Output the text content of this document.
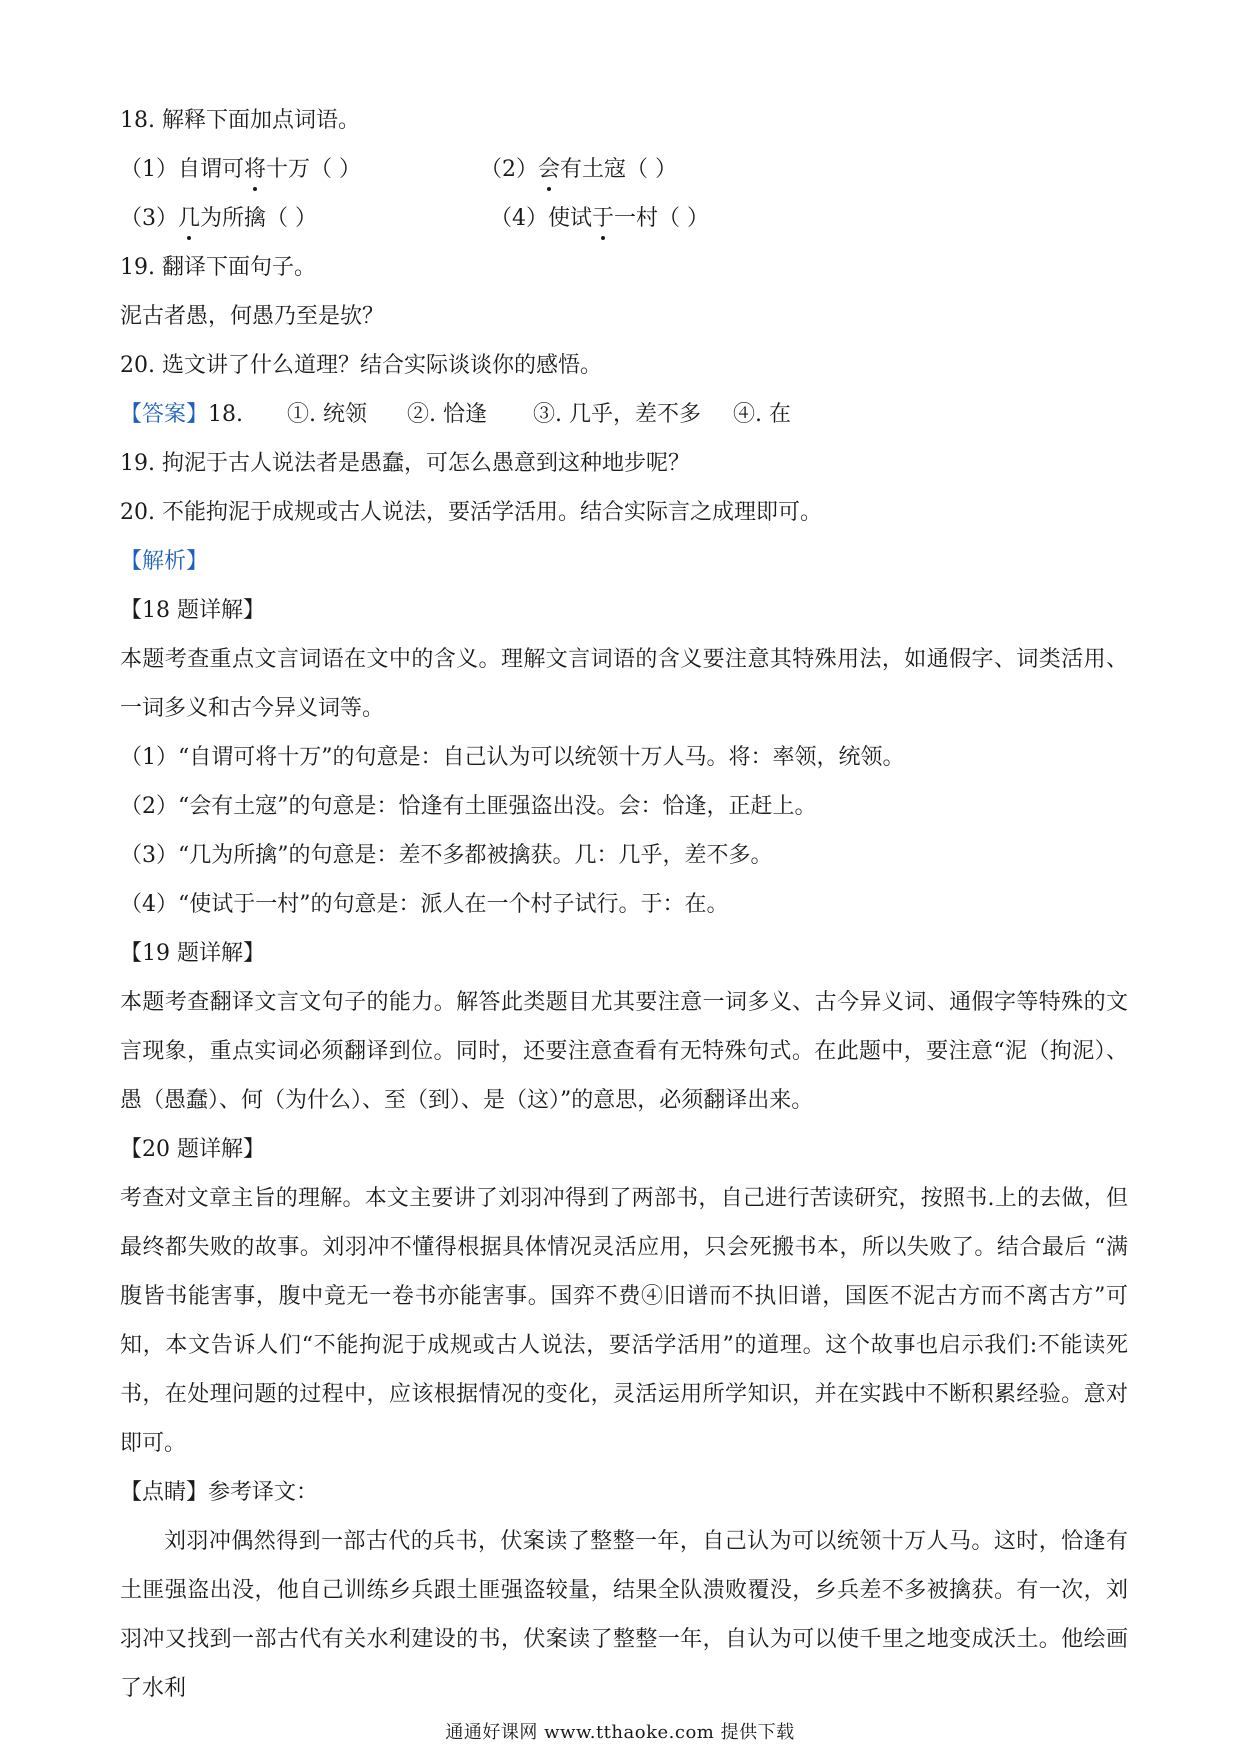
18. 解释下面加点词语。
（1）自谓可将十万（ ）	（2）会有土寇（ ）
（3）几为所擒（ ）	（4）使试于一村（ ）
19. 翻译下面句子。
泥古者愚，何愚乃至是欤？
20. 选文讲了什么道理？结合实际谈谈你的感悟。
【答案】18. ①. 统领 ②. 恰逢 ③. 几乎，差不多 ④. 在
19. 拘泥于古人说法者是愚蠢，可怎么愚意到这种地步呢？
20. 不能拘泥于成规或古人说法，要活学活用。结合实际言之成理即可。
【解析】
【18 题详解】
本题考查重点文言词语在文中的含义。理解文言词语的含义要注意其特殊用法，如通假字、词类活用、一词多义和古今异义词等。
（1）“自谓可将十万”的句意是：自己认为可以统领十万人马。将：率领，统领。
（2）“会有土寇”的句意是：恰逢有土匪强盗出没。会：恰逢，正赶上。
（3）“几为所擒”的句意是：差不多都被擒获。几：几乎，差不多。
（4）“使试于一村”的句意是：派人在一个村子试行。于：在。
【19 题详解】
本题考查翻译文言文句子的能力。解答此类题目尤其要注意一词多义、古今异义词、通假字等特殊的文言现象，重点实词必须翻译到位。同时，还要注意查看有无特殊句式。在此题中，要注意“泥（拘泥）、愚（愚蠢）、何（为什么）、至（到）、是（这）”的意思，必须翻译出来。
【20 题详解】
考查对文章主旨的理解。本文主要讲了刘羽冲得到了两部书，自己进行苦读研究，按照书.上的去做，但最终都失败的故事。刘羽冲不懂得根据具体情况灵活应用，只会死搬书本，所以失败了。结合最后 “满腹皆书能害事，腹中竟无一卷书亦能害事。国弈不费④旧谱而不执旧谱，国医不泥古方而不离古方”可知，本文告诉人们“不能拘泥于成规或古人说法，要活学活用”的道理。这个故事也启示我们:不能读死书，在处理问题的过程中，应该根据情况的变化，灵活运用所学知识，并在实践中不断积累经验。意对即可。
【点睛】参考译文：
刘羽冲偶然得到一部古代的兵书，伏案读了整整一年，自己认为可以统领十万人马。这时，恰逢有土匪强盗出没，他自己训练乡兵跟土匪强盗较量，结果全队溃败覆没，乡兵差不多被擒获。有一次，刘羽冲又找到一部古代有关水利建设的书，伏案读了整整一年，自认为可以使千里之地变成沃土。他绘画了水利
通通好课网 www.tthaoke.com 提供下载
